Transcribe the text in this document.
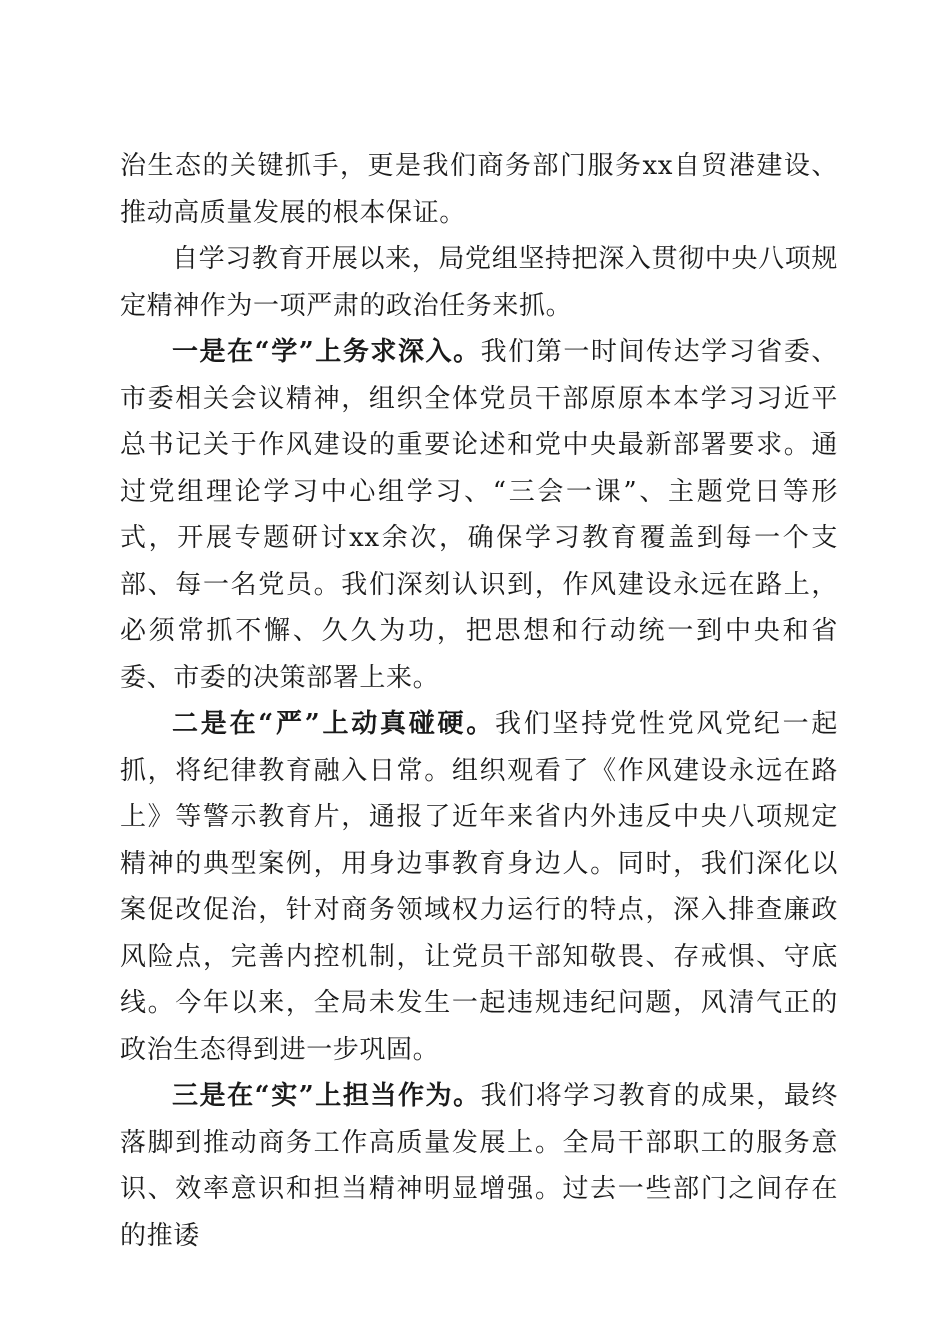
治生态的关键抓手，更是我们商务部门服务xx自贸港建设、推动高质量发展的根本保证。

自学习教育开展以来，局党组坚持把深入贯彻中央八项规定精神作为一项严肃的政治任务来抓。

一是在“学”上务求深入。我们第一时间传达学习省委、市委相关会议精神，组织全体党员干部原原本本学习习近平总书记关于作风建设的重要论述和党中央最新部署要求。通过党组理论学习中心组学习、“三会一课”、主题党日等形式，开展专题研讨xx余次，确保学习教育覆盖到每一个支部、每一名党员。我们深刻认识到，作风建设永远在路上，必须常抓不懈、久久为功，把思想和行动统一到中央和省委、市委的决策部署上来。

二是在“严”上动真碰硬。我们坚持党性党风党纪一起抓，将纪律教育融入日常。组织观看了《作风建设永远在路上》等警示教育片，通报了近年来省内外违反中央八项规定精神的典型案例，用身边事教育身边人。同时，我们深化以案促改促治，针对商务领域权力运行的特点，深入排查廉政风险点，完善内控机制，让党员干部知敬畏、存戒惧、守底线。今年以来，全局未发生一起违规违纪问题，风清气正的政治生态得到进一步巩固。

三是在“实”上担当作为。我们将学习教育的成果，最终落脚到推动商务工作高质量发展上。全局干部职工的服务意识、效率意识和担当精神明显增强。过去一些部门之间存在的推诿
